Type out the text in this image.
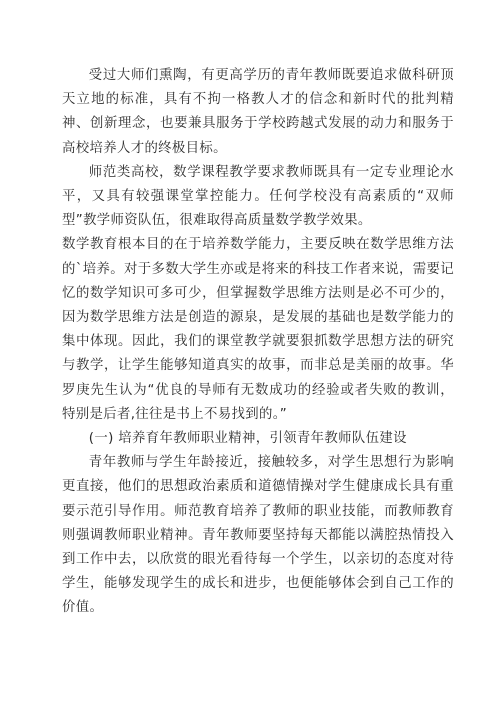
受过大师们熏陶，有更高学历的青年教师既要追求做科研顶天立地的标准，具有不拘一格教人才的信念和新时代的批判精神、创新理念，也要兼具服务于学校跨越式发展的动力和服务于高校培养人才的终极目标。

师范类高校，数学课程教学要求教师既具有一定专业理论水平，又具有较强课堂掌控能力。任何学校没有高素质的“双师型”教学师资队伍，很难取得高质量数学教学效果。

数学教育根本目的在于培养数学能力，主要反映在数学思维方法的`培养。对于多数大学生亦或是将来的科技工作者来说，需要记忆的数学知识可多可少，但掌握数学思维方法则是必不可少的，因为数学思维方法是创造的源泉，是发展的基础也是数学能力的集中体现。因此，我们的课堂教学就要狠抓数学思想方法的研究与教学，让学生能够知道真实的故事，而非总是美丽的故事。华罗庚先生认为“优良的导师有无数成功的经验或者失败的教训，特别是后者,往往是书上不易找到的。”

(一) 培养育年教师职业精神，引领青年教师队伍建设

青年教师与学生年龄接近，接触较多，对学生思想行为影响更直接，他们的思想政治素质和道德情操对学生健康成长具有重要示范引导作用。师范教育培养了教师的职业技能，而教师教育则强调教师职业精神。青年教师要坚持每天都能以满腔热情投入到工作中去，以欣赏的眼光看待每一个学生，以亲切的态度对待学生，能够发现学生的成长和进步，也便能够体会到自己工作的价值。
